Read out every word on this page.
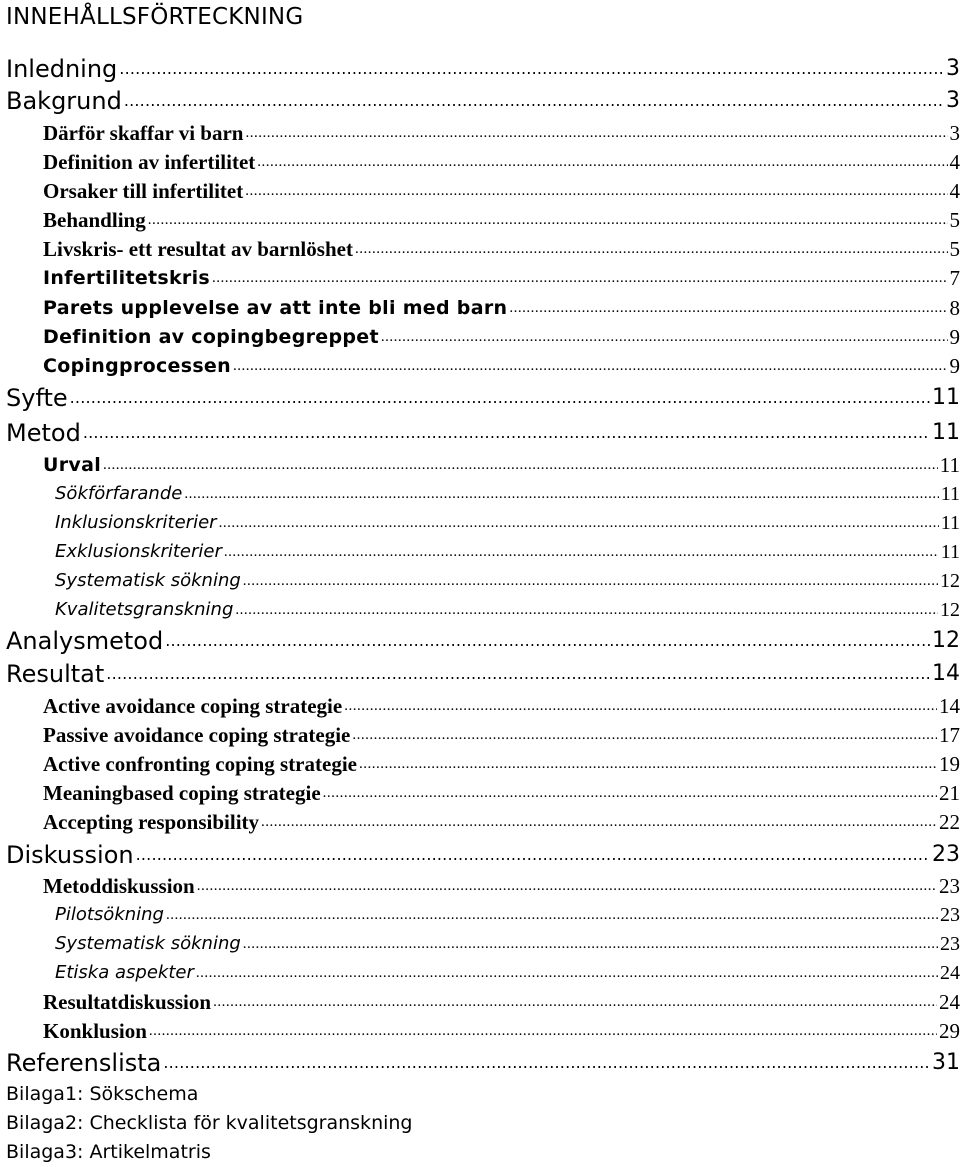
INNEHÅLLSFÖRTECKNING
Inledning .....	3
Bakgrund .....	3
Därför skaffar vi barn .....	3
Definition av infertilitet .....	4
Orsaker till infertilitet .....	4
Behandling .....	5
Livskris- ett resultat av barnlöshet .....	5
Infertilitetskris .....	7
Parets upplevelse av att inte bli med barn .....	8
Definition av copingbegreppet .....	9
Copingprocessen .....	9
Syfte .....	11
Metod .....	11
Urval .....	11
Sökförfarande .....	11
Inklusionskriterier .....	11
Exklusionskriterier .....	11
Systematisk sökning .....	12
Kvalitetsgranskning .....	12
Analysmetod .....	12
Resultat .....	14
Active avoidance coping strategie .....	14
Passive avoidance coping strategie .....	17
Active confronting coping strategie .....	19
Meaningbased coping strategie .....	21
Accepting responsibility .....	22
Diskussion .....	23
Metoddiskussion .....	23
Pilotsökning .....	23
Systematisk sökning .....	23
Etiska aspekter .....	24
Resultatdiskussion .....	24
Konklusion .....	29
Referenslista .....	31
Bilaga1: Sökschema
Bilaga2: Checklista för kvalitetsgranskning
Bilaga3: Artikelmatris
